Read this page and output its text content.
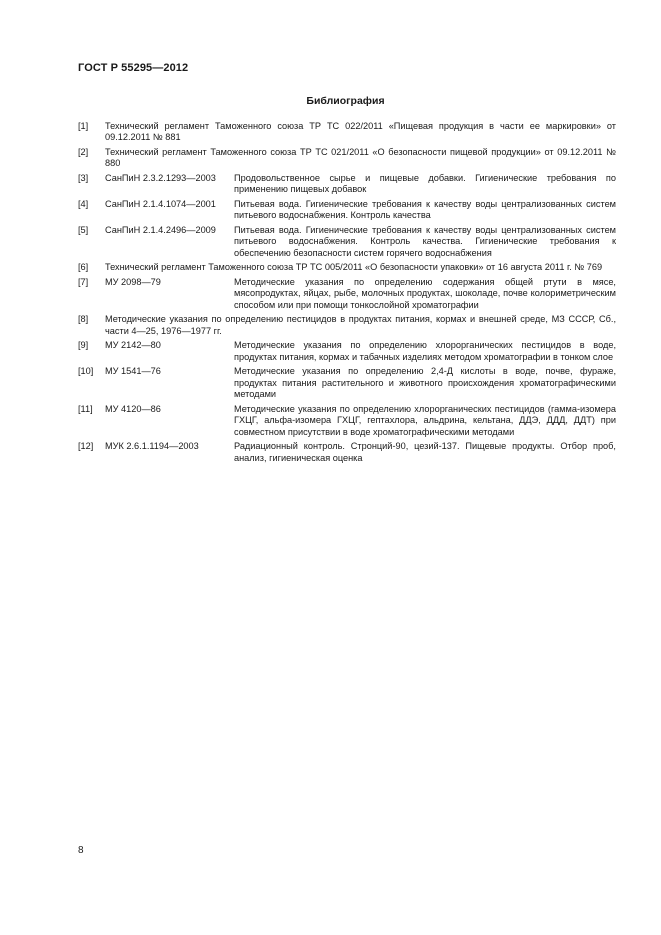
ГОСТ Р 55295—2012
Библиография
[1]	Технический регламент Таможенного союза ТР ТС 022/2011 «Пищевая продукция в части ее маркировки» от 09.12.2011 № 881
[2]	Технический регламент Таможенного союза ТР ТС 021/2011 «О безопасности пищевой продукции» от 09.12.2011 № 880
[3]	СанПиН 2.3.2.1293—2003	Продовольственное сырье и пищевые добавки. Гигиенические требования по применению пищевых добавок
[4]	СанПиН 2.1.4.1074—2001	Питьевая вода. Гигиенические требования к качеству воды централизованных систем питьевого водоснабжения. Контроль качества
[5]	СанПиН 2.1.4.2496—2009	Питьевая вода. Гигиенические требования к качеству воды централизованных систем питьевого водоснабжения. Контроль качества. Гигиенические требования к обеспечению безопасности систем горячего водоснабжения
[6]	Технический регламент Таможенного союза ТР ТС 005/2011 «О безопасности упаковки» от 16 августа 2011 г. № 769
[7]	МУ 2098—79	Методические указания по определению содержания общей ртути в мясе, мясопродуктах, яйцах, рыбе, молочных продуктах, шоколаде, почве колориметрическим способом или при помощи тонкослойной хроматографии
[8]	Методические указания по определению пестицидов в продуктах питания, кормах и внешней среде, МЗ СССР, Сб., части 4—25, 1976—1977 гг.
[9]	МУ 2142—80	Методические указания по определению хлорорганических пестицидов в воде, продуктах питания, кормах и табачных изделиях методом хроматографии в тонком слое
[10]	МУ 1541—76	Методические указания по определению 2,4-Д кислоты в воде, почве, фураже, продуктах питания растительного и животного происхождения хроматографическими методами
[11]	МУ 4120—86	Методические указания по определению хлорорганических пестицидов (гамма-изомера ГХЦГ, альфа-изомера ГХЦГ, гептахлора, альдрина, кельтана, ДДЭ, ДДД, ДДТ) при совместном присутствии в воде хроматографическими методами
[12]	МУК 2.6.1.1194—2003	Радиационный контроль. Стронций-90, цезий-137. Пищевые продукты. Отбор проб, анализ, гигиеническая оценка
8
